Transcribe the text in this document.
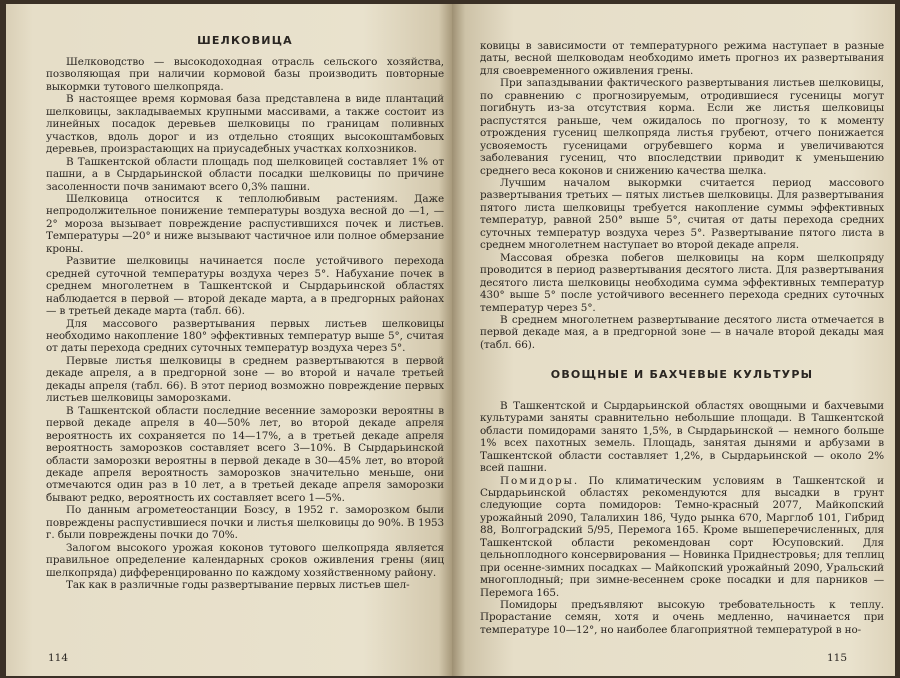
ШЕЛКОВИЦА

Шелководство — высокодоходная отрасль сельского хозяйства, позволяющая при наличии кормовой базы производить повторные выкормки тутового шелкопряда.

В настоящее время кормовая база представлена в виде плантаций шелковицы, закладываемых крупными массивами, а также состоит из линейных посадок деревьев шелковицы по границам поливных участков, вдоль дорог и из отдельно стоящих высокоштамбовых деревьев, произрастающих на приусадебных участках колхозников.

В Ташкентской области площадь под шелковицей составляет 1% от пашни, а в Сырдарьинской области посадки шелковицы по причине засоленности почв занимают всего 0,3% пашни.

Шелковица относится к теплолюбивым растениям. Даже непродолжительное понижение температуры воздуха весной до —1, —2° мороза вызывает повреждение распустившихся почек и листьев. Температуры —20° и ниже вызывают частичное или полное обмерзание кроны.

Развитие шелковицы начинается после устойчивого перехода средней суточной температуры воздуха через 5°. Набухание почек в среднем многолетнем в Ташкентской и Сырдарьинской областях наблюдается в первой — второй декаде марта, а в предгорных районах — в третьей декаде марта (табл. 66).

Для массового развертывания первых листьев шелковицы необходимо накопление 180° эффективных температур выше 5°, считая от даты перехода средних суточных температур воздуха через 5°.

Первые листья шелковицы в среднем развертываются в первой декаде апреля, а в предгорной зоне — во второй и начале третьей декады апреля (табл. 66). В этот период возможно повреждение первых листьев шелковицы заморозками.

В Ташкентской области последние весенние заморозки вероятны в первой декаде апреля в 40—50% лет, во второй декаде апреля вероятность их сохраняется по 14—17%, а в третьей декаде апреля вероятность заморозков составляет всего 3—10%. В Сырдарьинской области заморозки вероятны в первой декаде в 30—45% лет, во второй декаде апреля вероятность заморозков значительно меньше, они отмечаются один раз в 10 лет, а в третьей декаде апреля заморозки бывают редко, вероятность их составляет всего 1—5%.

По данным агрометеостанции Бозсу, в 1952 г. заморозком были повреждены распустившиеся почки и листья шелковицы до 90%. В 1953 г. были повреждены почки до 70%.

Залогом высокого урожая коконов тутового шелкопряда является правильное определение календарных сроков оживления грены (яиц шелкопряда) дифференцированно по каждому хозяйственному району.

Так как в различные годы развертывание первых листьев шел-

114

ковицы в зависимости от температурного режима наступает в разные даты, весной шелководам необходимо иметь прогноз их развертывания для своевременного оживления грены.

При запаздывании фактического развертывания листьев шелковицы, по сравнению с прогнозируемым, отродившиеся гусеницы могут погибнуть из-за отсутствия корма. Если же листья шелковицы распустятся раньше, чем ожидалось по прогнозу, то к моменту отрождения гусениц шелкопряда листья грубеют, отчего понижается усвояемость гусеницами огрубевшего корма и увеличиваются заболевания гусениц, что впоследствии приводит к уменьшению среднего веса коконов и снижению качества шелка.

Лучшим началом выкормки считается период массового развертывания третьих — пятых листьев шелковицы. Для развертывания пятого листа шелковицы требуется накопление суммы эффективных температур, равной 250° выше 5°, считая от даты перехода средних суточных температур воздуха через 5°. Развертывание пятого листа в среднем многолетнем наступает во второй декаде апреля.

Массовая обрезка побегов шелковицы на корм шелкопряду проводится в период развертывания десятого листа. Для развертывания десятого листа шелковицы необходима сумма эффективных температур 430° выше 5° после устойчивого весеннего перехода средних суточных температур через 5°.

В среднем многолетнем развертывание десятого листа отмечается в первой декаде мая, а в предгорной зоне — в начале второй декады мая (табл. 66).

ОВОЩНЫЕ И БАХЧЕВЫЕ КУЛЬТУРЫ

В Ташкентской и Сырдарьинской областях овощными и бахчевыми культурами заняты сравнительно небольшие площади. В Ташкентской области помидорами занято 1,5%, в Сырдарьинской — немного больше 1% всех пахотных земель. Площадь, занятая дынями и арбузами в Ташкентской области составляет 1,2%, в Сырдарьинской — около 2% всей пашни.

Помидоры. По климатическим условиям в Ташкентской и Сырдарьинской областях рекомендуются для высадки в грунт следующие сорта помидоров: Темно-красный 2077, Майкопский урожайный 2090, Талалихин 186, Чудо рынка 670, Марглоб 101, Гибрид 88, Волгоградский 5/95, Перемога 165. Кроме вышеперечисленных, для Ташкентской области рекомендован сорт Юсуповский. Для цельноплодного консервирования — Новинка Приднестровья; для теплиц при осенне-зимних посадках — Майкопский урожайный 2090, Уральский многоплодный; при зимне-весеннем сроке посадки и для парников — Перемога 165.

Помидоры предъявляют высокую требовательность к теплу. Прорастание семян, хотя и очень медленно, начинается при температуре 10—12°, но наиболее благоприятной температурой в но-

115
